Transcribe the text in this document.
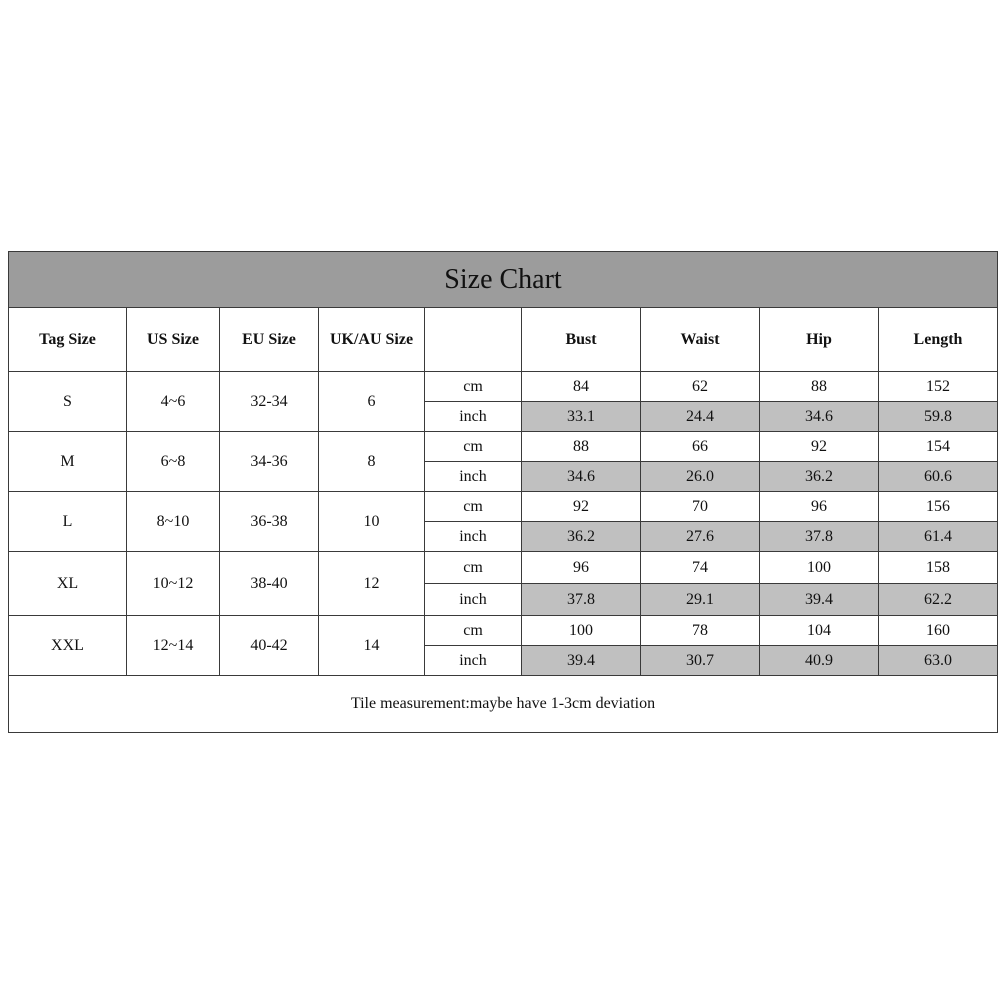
Size Chart								
Tag Size	US Size	EU Size	UK/AU Size		Bust	Waist	Hip	Length
S	4~6	32-34	6	cm	84	62	88	152
				inch	33.1	24.4	34.6	59.8
M	6~8	34-36	8	cm	88	66	92	154
				inch	34.6	26.0	36.2	60.6
L	8~10	36-38	10	cm	92	70	96	156
				inch	36.2	27.6	37.8	61.4
XL	10~12	38-40	12	cm	96	74	100	158
				inch	37.8	29.1	39.4	62.2
XXL	12~14	40-42	14	cm	100	78	104	160
				inch	39.4	30.7	40.9	63.0
Tile measurement:maybe have 1-3cm deviation								
